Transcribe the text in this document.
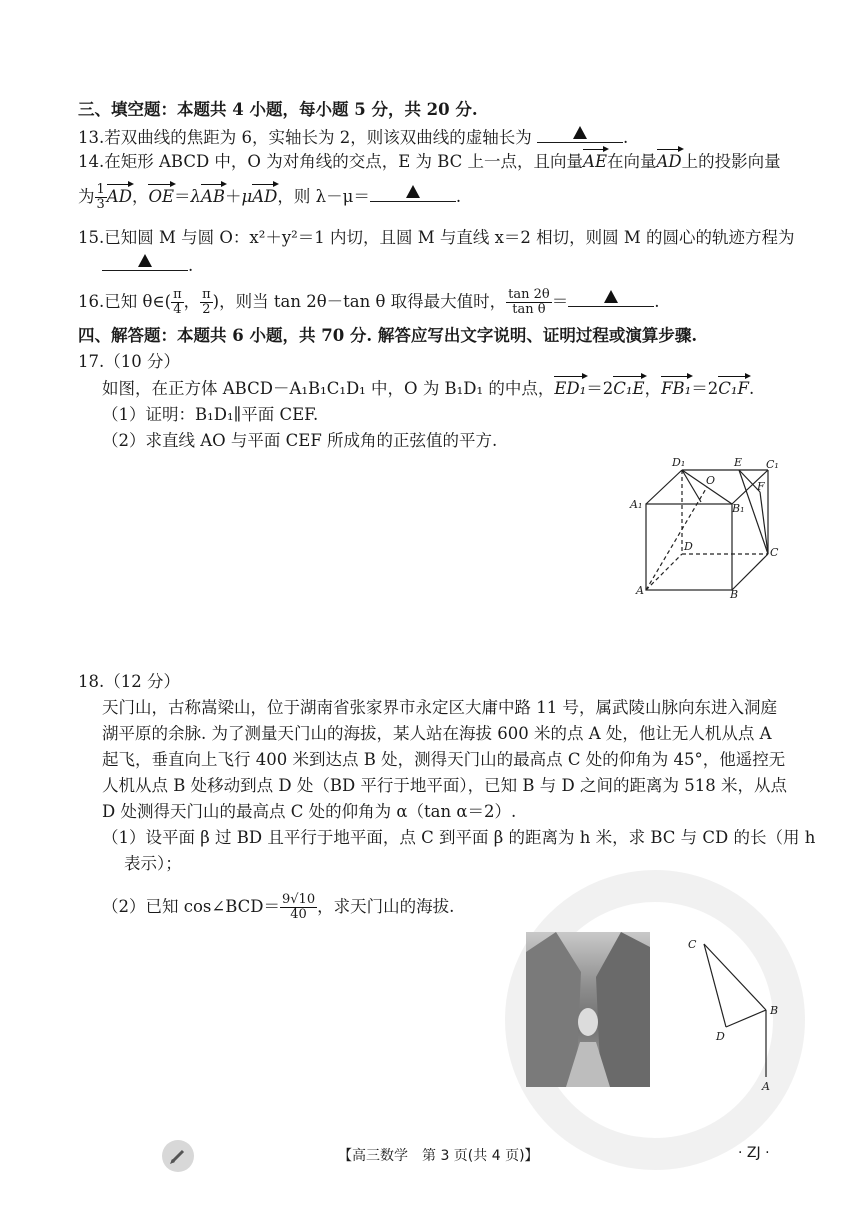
三、填空题：本题共 4 小题，每小题 5 分，共 20 分.
13.若双曲线的焦距为 6，实轴长为 2，则该双曲线的虚轴长为	.
14.在矩形 ABCD 中，O 为对角线的交点，E 为 BC 上一点，且向量AE在向量AD上的投影向量
为 $\frac{1}{3}$ AD，OE＝λAB＋μAD，则 λ－μ＝	.
15.已知圆 M 与圆 O：x²＋y²＝1 内切，且圆 M 与直线 x＝2 相切，则圆 M 的圆心的轨迹方程为
.
16.已知 θ∈( $\frac{\pi}{4}$ ， $\frac{\pi}{2}$ )，则当 tan 2θ－tan θ 取得最大值时， $\frac{\tan 2\theta}{\text{tan θ}}$ ＝	.
四、解答题：本题共 6 小题，共 70 分. 解答应写出文字说明、证明过程或演算步骤.
17.（10 分）
如图，在正方体 ABCD－A₁B₁C₁D₁ 中，O 为 B₁D₁ 的中点，ED₁＝2C₁E，FB₁＝2C₁F.
（1）证明：B₁D₁∥平面 CEF.
（2）求直线 AO 与平面 CEF 所成角的正弦值的平方.
D₁	E C₁
O	F
A₁	B₁
D	C
A	B
18.（12 分）
天门山，古称嵩梁山，位于湖南省张家界市永定区大庸中路 11 号，属武陵山脉向东进入洞庭
湖平原的余脉. 为了测量天门山的海拔，某人站在海拔 600 米的点 A 处，他让无人机从点 A
起飞，垂直向上飞行 400 米到达点 B 处，测得天门山的最高点 C 处的仰角为 45°，他遥控无
人机从点 B 处移动到点 D 处（BD 平行于地平面），已知 B 与 D 之间的距离为 518 米，从点
D 处测得天门山的最高点 C 处的仰角为 α（tan α＝2）.
（1）设平面 β 过 BD 且平行于地平面，点 C 到平面 β 的距离为 h 米，求 BC 与 CD 的长（用 h
表示）；
（2）已知 cos∠BCD＝ $\frac{9√10}{40}$ ，求天门山的海拔.
C
B
D
A
【高三数学　第 3 页(共 4 页)】	· ZJ ·
